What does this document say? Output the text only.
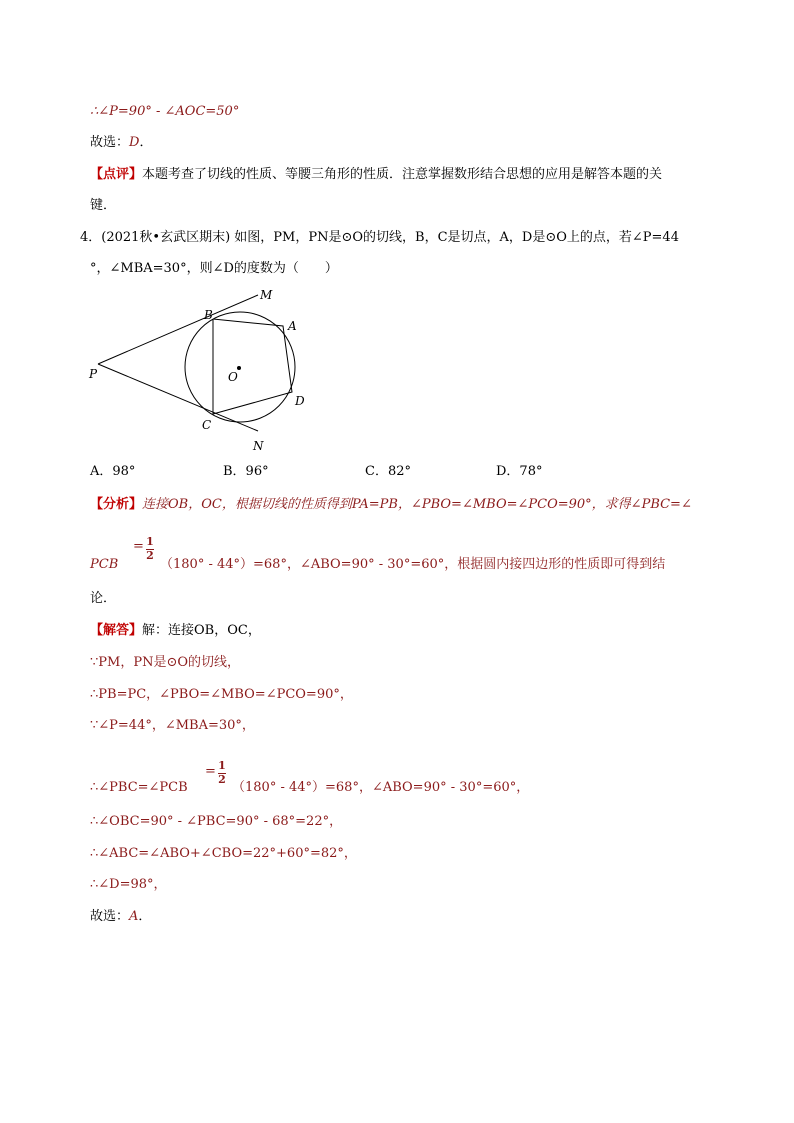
∴∠P=90° - ∠AOC=50°
故选：D．
【点评】本题考查了切线的性质、等腰三角形的性质．注意掌握数形结合思想的应用是解答本题的关
键．
4．(2021秋•玄武区期末) 如图，PM，PN是⊙O的切线，B，C是切点，A，D是⊙O上的点，若∠P=44
°，∠MBA=30°，则∠D的度数为（　　）
M
B
A
P	O
D
C
N
A．98°	B．96°	C．82°	D．78°
【分析】连接OB，OC，根据切线的性质得到PA=PB，∠PBO=∠MBO=∠PCO=90°，求得∠PBC=∠
PCB
= 1
2
（180° - 44°）=68°，∠ABO=90° - 30°=60°，根据圆内接四边形的性质即可得到结
论．
【解答】解：连接OB，OC，
∵PM，PN是⊙O的切线，
∴PB=PC，∠PBO=∠MBO=∠PCO=90°，
∵∠P=44°，∠MBA=30°，
∴∠PBC=∠PCB
= 1
2
（180° - 44°）=68°，∠ABO=90° - 30°=60°，
∴∠OBC=90° - ∠PBC=90° - 68°=22°，
∴∠ABC=∠ABO+∠CBO=22°+60°=82°，
∴∠D=98°，
故选：A．
